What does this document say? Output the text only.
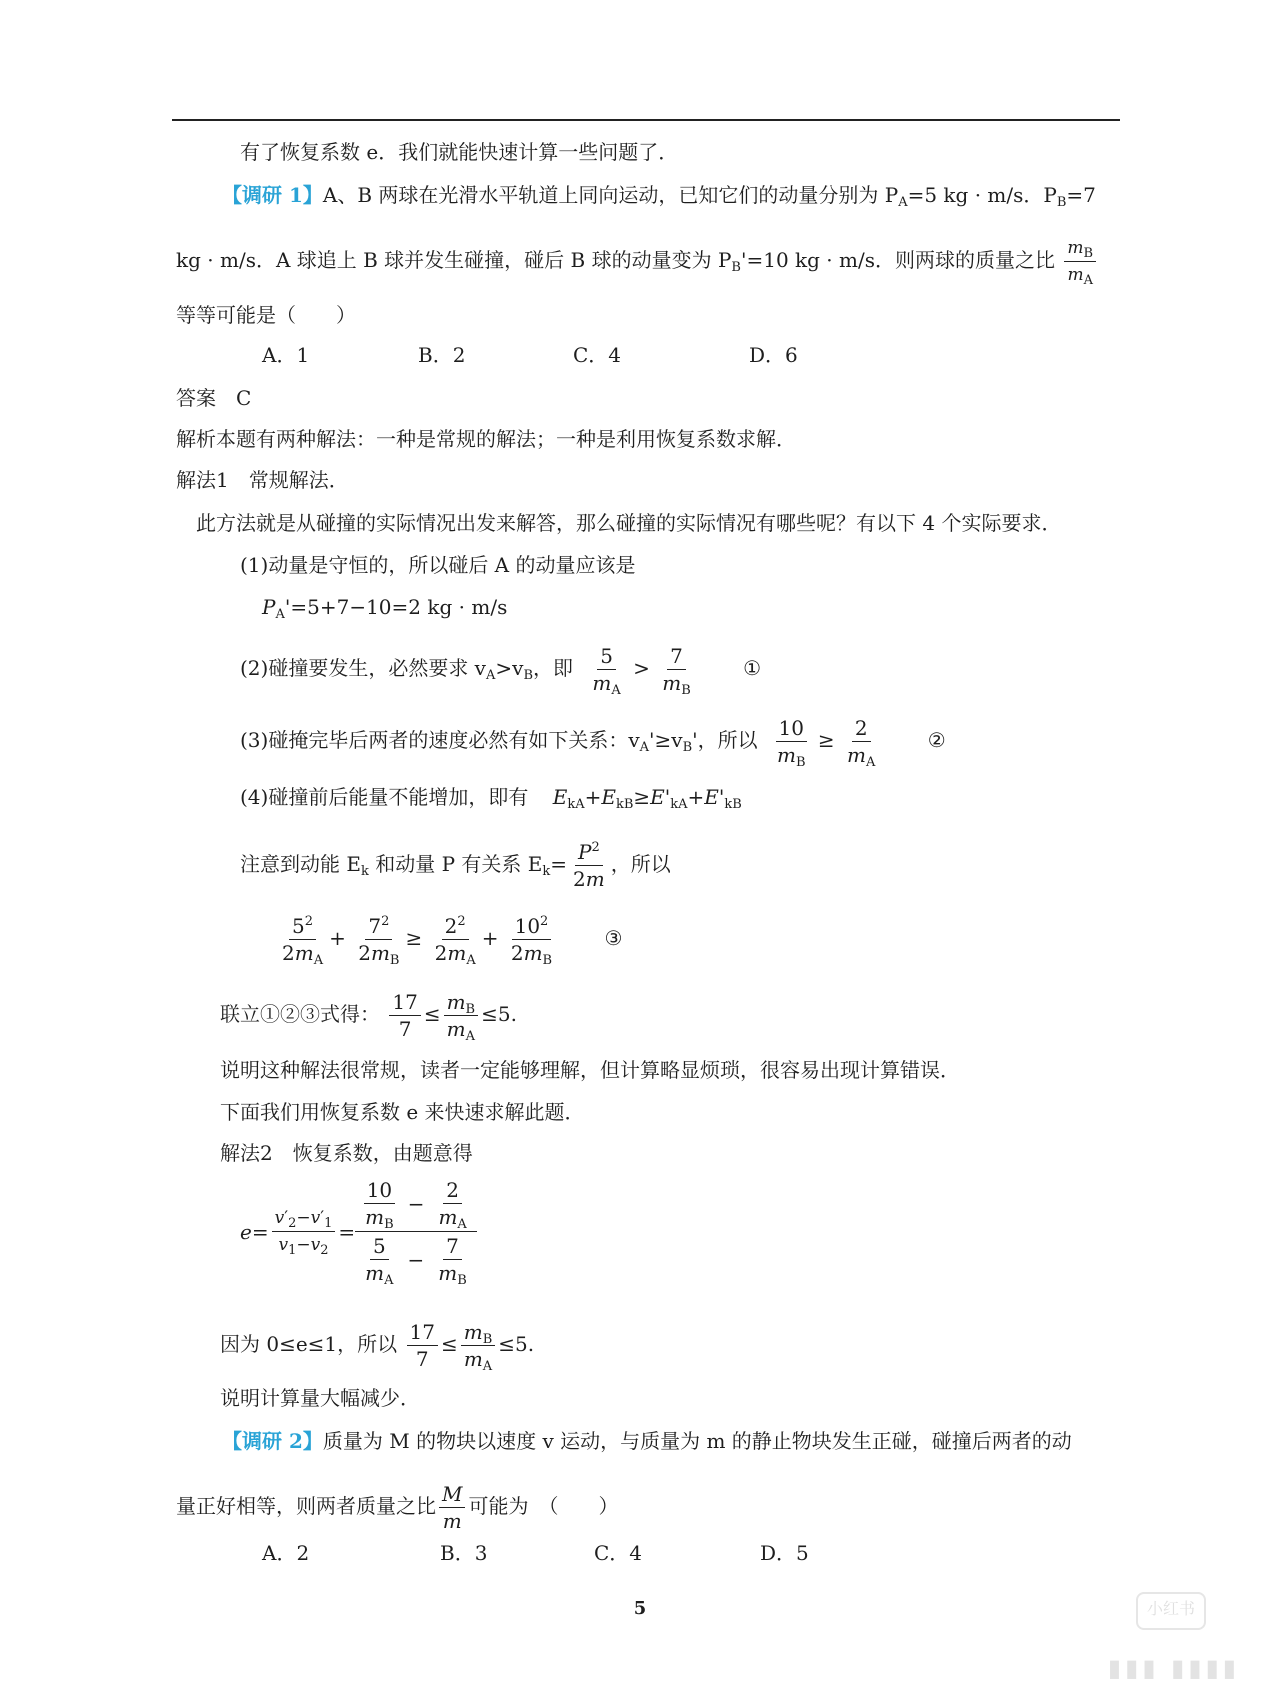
有了恢复系数 e．我们就能快速计算一些问题了．
【调研 1】A、B 两球在光滑水平轨道上同向运动，已知它们的动量分别为 $P_A=5$ kg · m/s．$P_B=7$
kg · m/s．A 球追上 B 球并发生碰撞，碰后 B 球的动量变为 $P_B'=10$ kg · m/s．则两球的质量之比 $\frac{m_B}{m_A}$
等等可能是（　　）
A．1	B．2	C．4	D．6
答案　C
解析本题有两种解法：一种是常规的解法；一种是利用恢复系数求解．
解法1　常规解法．
此方法就是从碰撞的实际情况出发来解答，那么碰撞的实际情况有哪些呢？有以下 4 个实际要求．
(1)动量是守恒的，所以碰后 A 的动量应该是
$P_A'=5+7-10=2$ kg · m/s
(2)碰撞要发生，必然要求 $v_A>v_B$，即 $\frac{5}{m_A} > \frac{7}{m_B}$ ①
(3)碰掩完毕后两者的速度必然有如下关系：$v_A'\ge v_B'$，所以 $\frac{10}{m_B} \ge \frac{2}{m_A}$ ②
(4)碰撞前后能量不能增加，即有 $E_{kA}+E_{kB}\ge E'_{kA}+E'_{kB}$
注意到动能 $E_k$ 和动量 P 有关系 $E_k= \frac{P^2}{2m}$ ，所以
$\frac{5^2}{2m_A} + \frac{7^2}{2m_B} \ge \frac{2^2}{2m_A} + \frac{10^2}{2m_B}$ ③
联立①②③式得： $\frac{17}{7} \le \frac{m_B}{m_A} \le 5$.
说明这种解法很常规，读者一定能够理解，但计算略显烦琐，很容易出现计算错误．
下面我们用恢复系数 e 来快速求解此题．
解法2　恢复系数，由题意得
$e = \frac{v'_2-v'_1}{v_1-v_2}$ =
$\frac{10}{m_B} - \frac{2}{m_A}$
$\frac{5}{m_A} - \frac{7}{m_B}$
因为 0≤e≤1，所以 $\frac{17}{7} \le \frac{m_B}{m_A} \le 5$.
说明计算量大幅减少．
【调研 2】质量为 M 的物块以速度 v 运动，与质量为 m 的静止物块发生正碰，碰撞后两者的动
量正好相等，则两者质量之比 $\frac{M}{m}$ 可能为　（　　）
A．2	B．3	C．4	D．5
5	小红书
▮▮▮ ▮▮▮▮
